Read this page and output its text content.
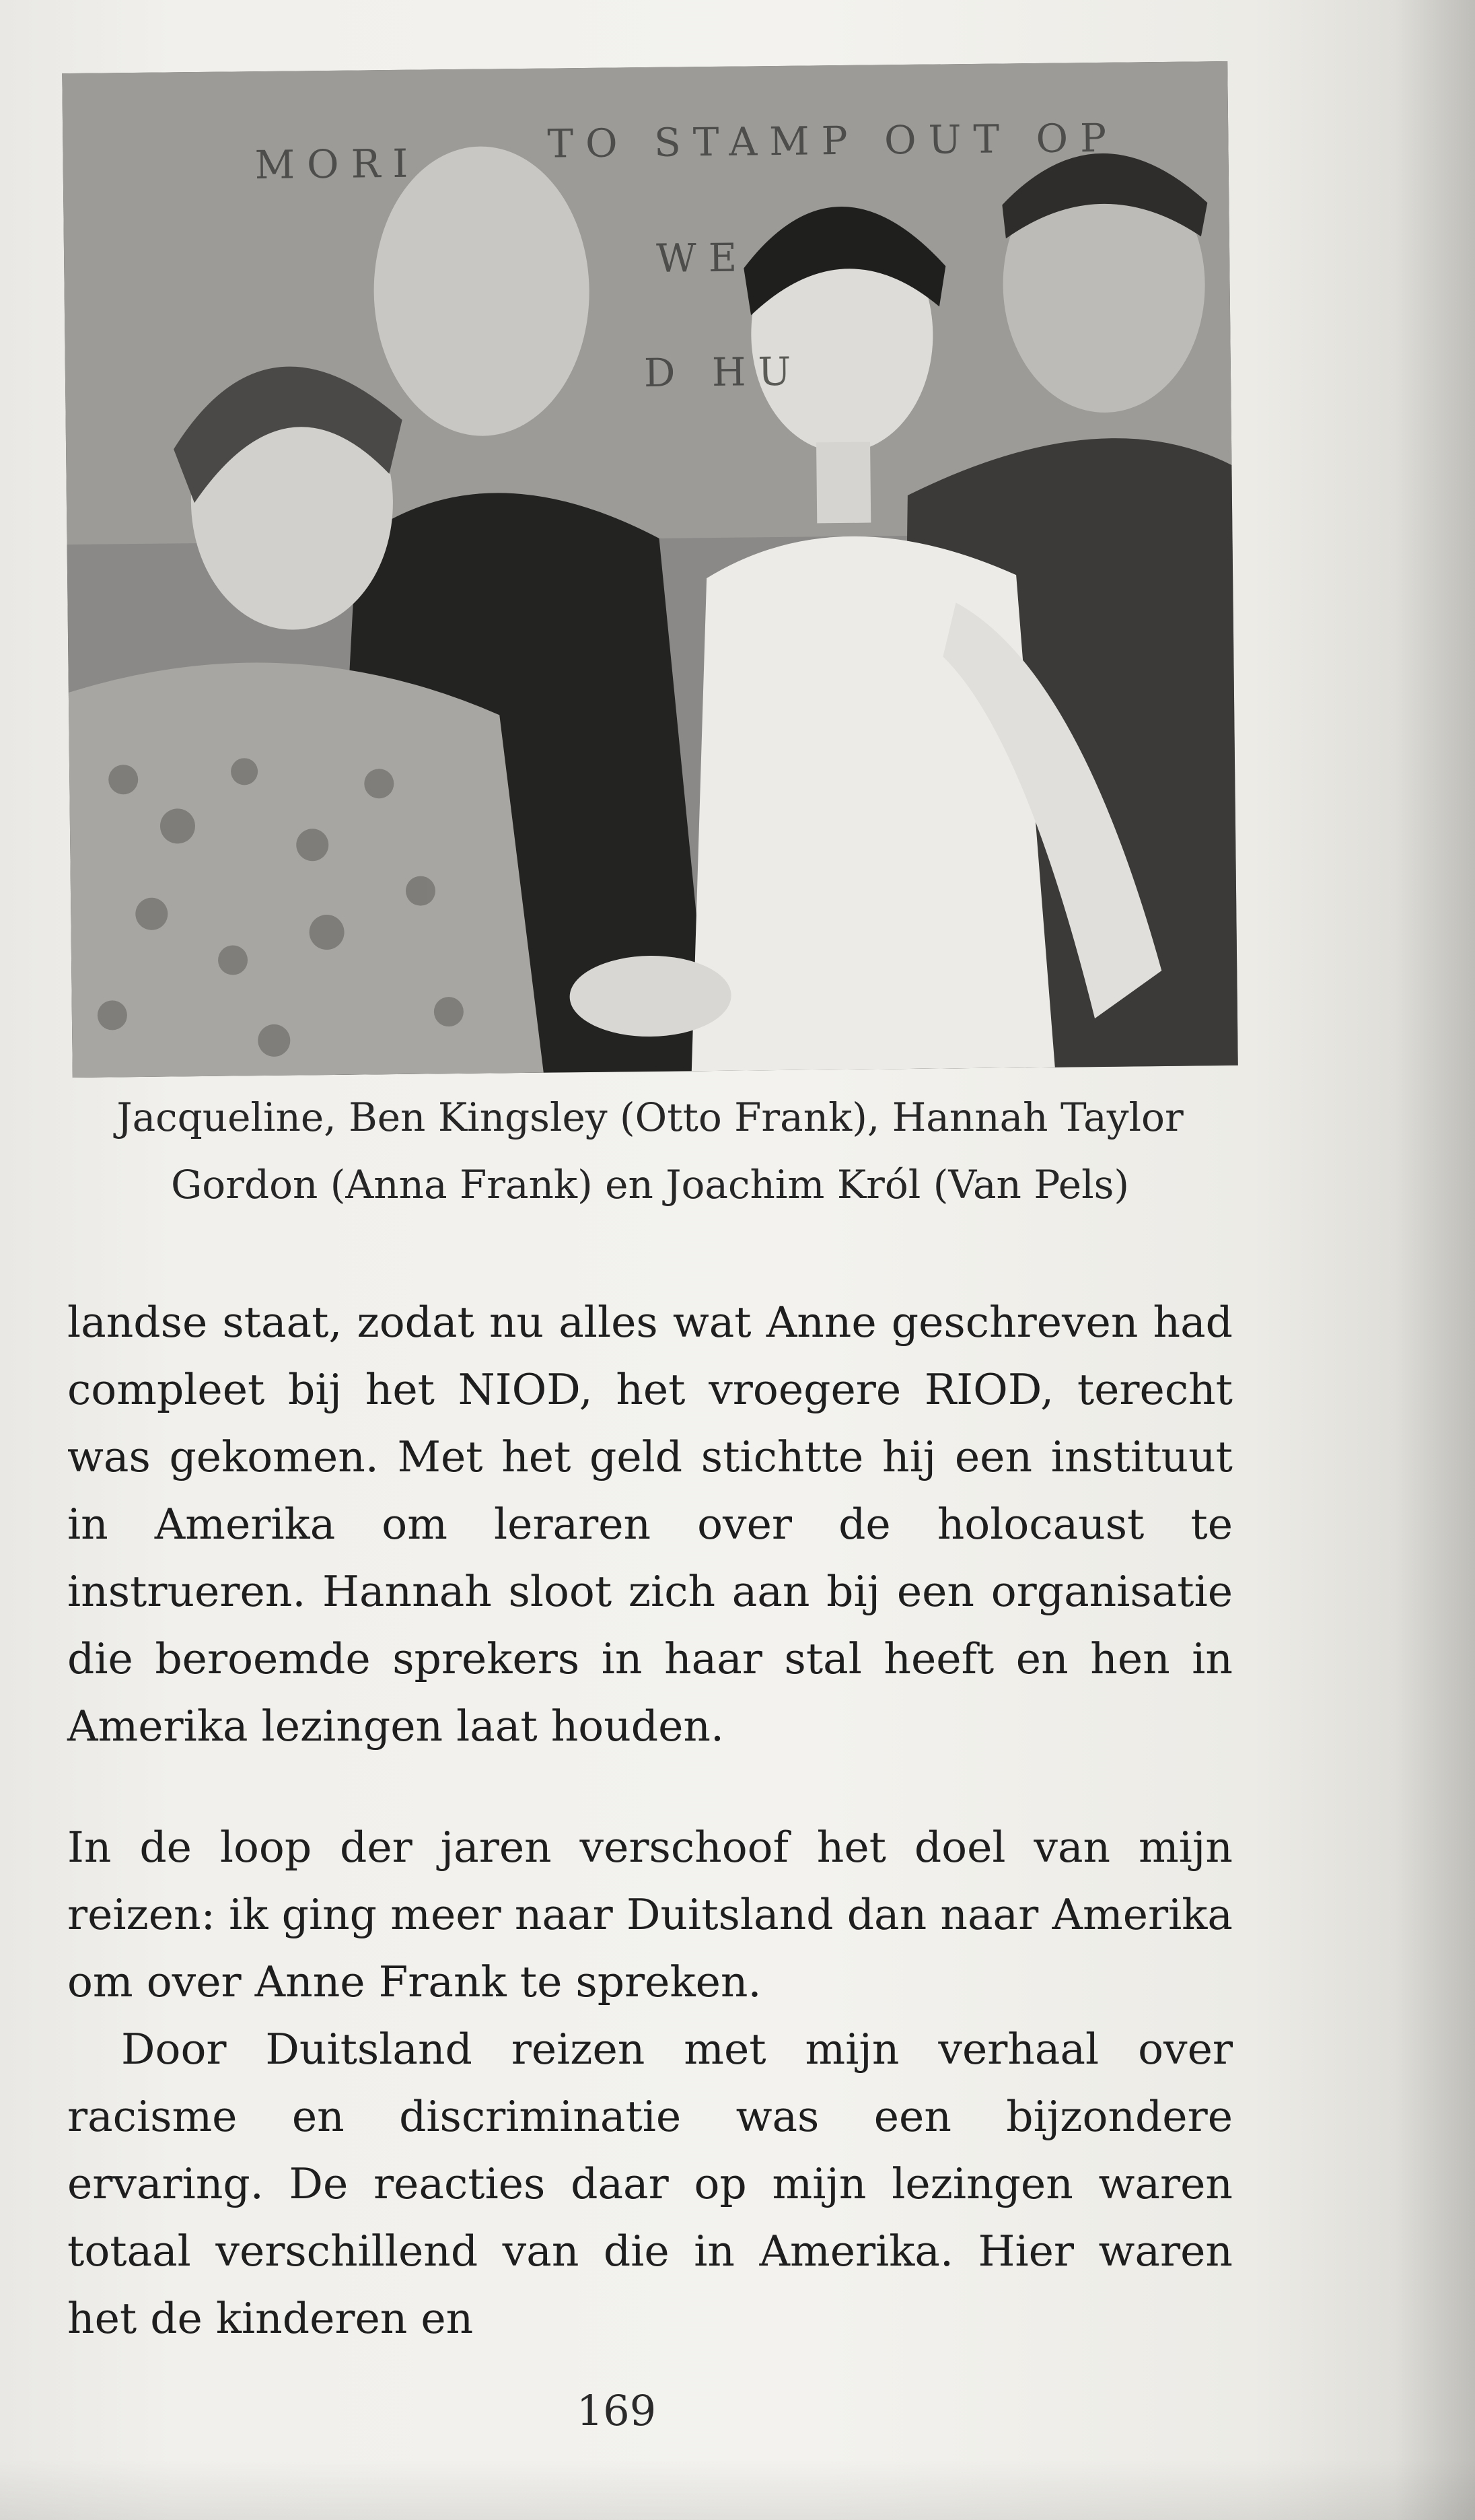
MORI	TO STAMP OUT OP
WE
D HU
Jacqueline, Ben Kingsley (Otto Frank), Hannah Taylor
Gordon (Anna Frank) en Joachim Król (Van Pels)

landse staat, zodat nu alles wat Anne geschreven had compleet bij het NIOD, het vroegere RIOD, terecht was gekomen. Met het geld stichtte hij een instituut in Amerika om leraren over de holocaust te instrueren. Hannah sloot zich aan bij een organisatie die beroemde sprekers in haar stal heeft en hen in Amerika lezingen laat houden.

In de loop der jaren verschoof het doel van mijn reizen: ik ging meer naar Duitsland dan naar Amerika om over Anne Frank te spreken.

Door Duitsland reizen met mijn verhaal over racisme en discriminatie was een bijzondere ervaring. De reacties daar op mijn lezingen waren totaal verschillend van die in Amerika. Hier waren het de kinderen en

169
